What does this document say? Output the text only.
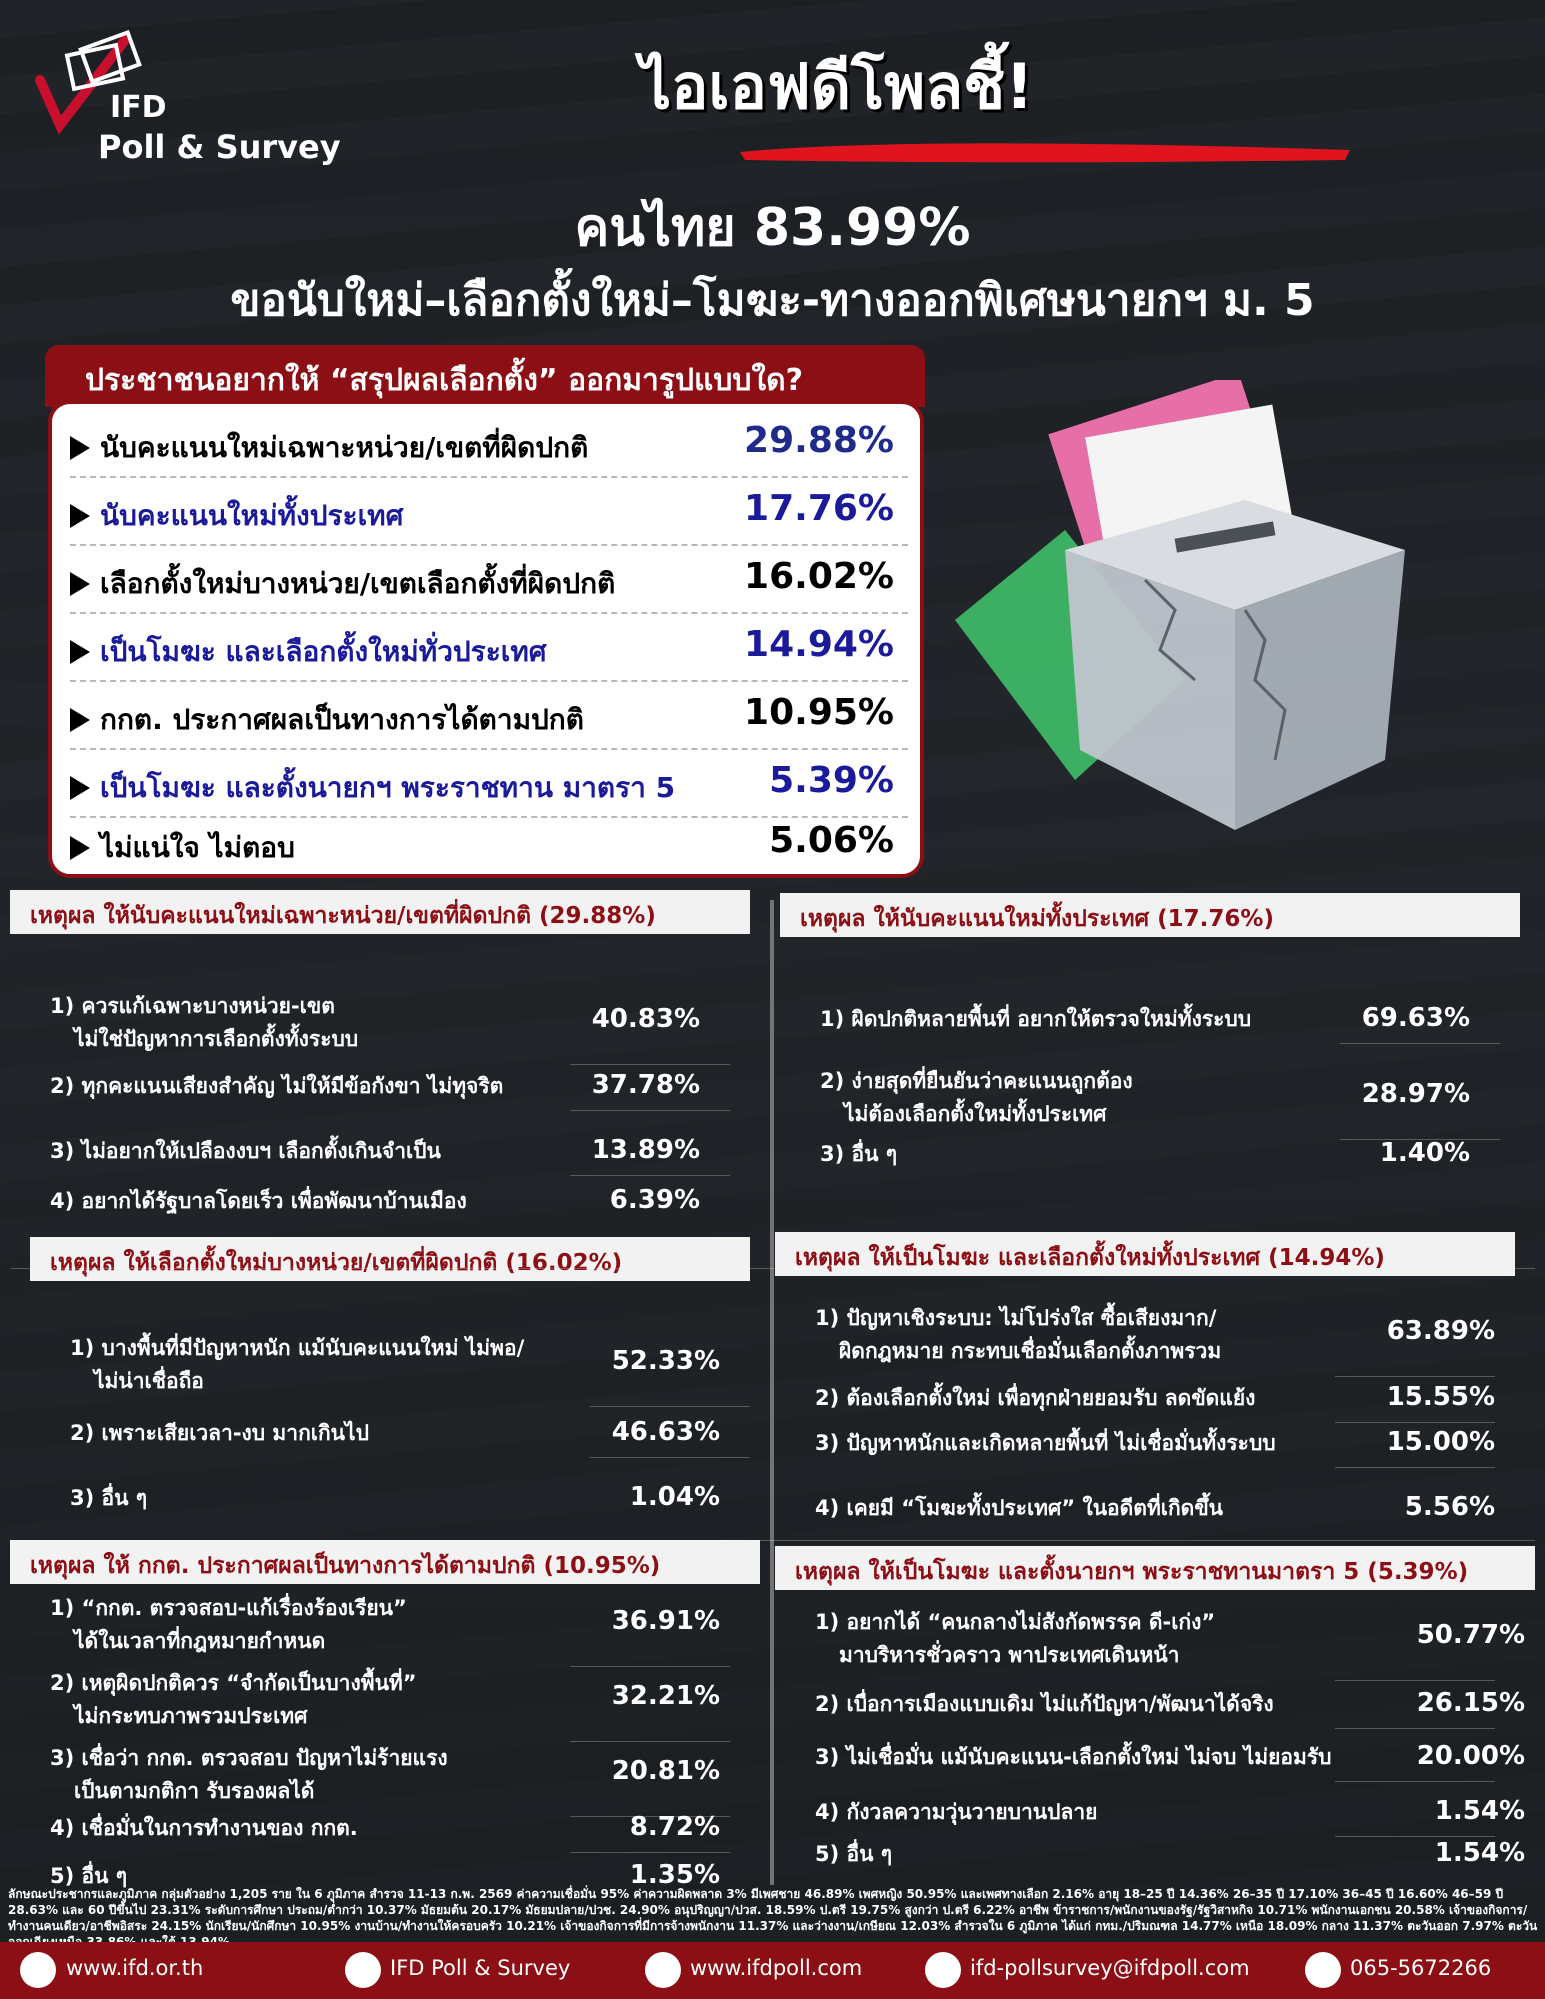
IFD
Poll & Survey
ไอเอฟดีโพลชี้!
คนไทย 83.99%
ขอนับใหม่–เลือกตั้งใหม่–โมฆะ-ทางออกพิเศษนายกฯ ม. 5
ประชาชนอยากให้ “สรุปผลเลือกตั้ง” ออกมารูปแบบใด?
นับคะแนนใหม่เฉพาะหน่วย/เขตที่ผิดปกติ	29.88%
นับคะแนนใหม่ทั้งประเทศ	17.76%
เลือกตั้งใหม่บางหน่วย/เขตเลือกตั้งที่ผิดปกติ	16.02%
เป็นโมฆะ และเลือกตั้งใหม่ทั่วประเทศ	14.94%
กกต. ประกาศผลเป็นทางการได้ตามปกติ	10.95%
เป็นโมฆะ และตั้งนายกฯ พระราชทาน มาตรา 5	5.39%
ไม่แน่ใจ ไม่ตอบ	5.06%
เหตุผล ให้นับคะแนนใหม่เฉพาะหน่วย/เขตที่ผิดปกติ (29.88%)
1) ควรแก้เฉพาะบางหน่วย-เขต
ไม่ใช่ปัญหาการเลือกตั้งทั้งระบบ
40.83%
2) ทุกคะแนนเสียงสำคัญ ไม่ให้มีข้อกังขา ไม่ทุจริต	37.78%
3) ไม่อยากให้เปลืองงบฯ เลือกตั้งเกินจำเป็น	13.89%
4) อยากได้รัฐบาลโดยเร็ว เพื่อพัฒนาบ้านเมือง	6.39%
เหตุผล ให้นับคะแนนใหม่ทั้งประเทศ (17.76%)
1) ผิดปกติหลายพื้นที่ อยากให้ตรวจใหม่ทั้งระบบ	69.63%
2) ง่ายสุดที่ยืนยันว่าคะแนนถูกต้อง
ไม่ต้องเลือกตั้งใหม่ทั้งประเทศ
28.97%
3) อื่น ๆ	1.40%
เหตุผล ให้เลือกตั้งใหม่บางหน่วย/เขตที่ผิดปกติ (16.02%)
1) บางพื้นที่มีปัญหาหนัก แม้นับคะแนนใหม่ ไม่พอ/
ไม่น่าเชื่อถือ
52.33%
2) เพราะเสียเวลา-งบ มากเกินไป	46.63%
3) อื่น ๆ	1.04%
เหตุผล ให้เป็นโมฆะ และเลือกตั้งใหม่ทั้งประเทศ (14.94%)
1) ปัญหาเชิงระบบ: ไม่โปร่งใส ซื้อเสียงมาก/
ผิดกฎหมาย กระทบเชื่อมั่นเลือกตั้งภาพรวม
63.89%
2) ต้องเลือกตั้งใหม่ เพื่อทุกฝ่ายยอมรับ ลดขัดแย้ง	15.55%
3) ปัญหาหนักและเกิดหลายพื้นที่ ไม่เชื่อมั่นทั้งระบบ	15.00%
4) เคยมี “โมฆะทั้งประเทศ” ในอดีตที่เกิดขึ้น	5.56%
เหตุผล ให้ กกต. ประกาศผลเป็นทางการได้ตามปกติ (10.95%)
1) “กกต. ตรวจสอบ-แก้เรื่องร้องเรียน”
ได้ในเวลาที่กฎหมายกำหนด
36.91%
2) เหตุผิดปกติควร “จำกัดเป็นบางพื้นที่”
ไม่กระทบภาพรวมประเทศ
32.21%
3) เชื่อว่า กกต. ตรวจสอบ ปัญหาไม่ร้ายแรง
เป็นตามกติกา รับรองผลได้
20.81%
4) เชื่อมั่นในการทำงานของ กกต.	8.72%
5) อื่น ๆ	1.35%
เหตุผล ให้เป็นโมฆะ และตั้งนายกฯ พระราชทานมาตรา 5 (5.39%)
1) อยากได้ “คนกลางไม่สังกัดพรรค ดี-เก่ง”
มาบริหารชั่วคราว พาประเทศเดินหน้า
50.77%
2) เบื่อการเมืองแบบเดิม ไม่แก้ปัญหา/พัฒนาได้จริง	26.15%
3) ไม่เชื่อมั่น แม้นับคะแนน-เลือกตั้งใหม่ ไม่จบ ไม่ยอมรับ	20.00%
4) กังวลความวุ่นวายบานปลาย	1.54%
5) อื่น ๆ	1.54%
ลักษณะประชากรและภูมิภาค กลุ่มตัวอย่าง 1,205 ราย ใน 6 ภูมิภาค สำรวจ 11-13 ก.พ. 2569 ค่าความเชื่อมั่น 95% ค่าความผิดพลาด 3% มีเพศชาย 46.89% เพศหญิง 50.95% และเพศทางเลือก 2.16% อายุ 18–25 ปี 14.36% 26–35 ปี 17.10% 36–45 ปี 16.60% 46–59 ปี 28.63% และ 60 ปีขึ้นไป 23.31% ระดับการศึกษา ประถม/ต่ำกว่า 10.37% มัธยมต้น 20.17% มัธยมปลาย/ปวช. 24.90% อนุปริญญา/ปวส. 18.59% ป.ตรี 19.75% สูงกว่า ป.ตรี 6.22% อาชีพ ข้าราชการ/พนักงานของรัฐ/รัฐวิสาหกิจ 10.71% พนักงานเอกชน 20.58% เจ้าของกิจการ/ทำงานคนเดียว/อาชีพอิสระ 24.15% นักเรียน/นักศึกษา 10.95% งานบ้าน/ทำงานให้ครอบครัว 10.21% เจ้าของกิจการที่มีการจ้างพนักงาน 11.37% และว่างงาน/เกษียณ 12.03% สำรวจใน 6 ภูมิภาค ได้แก่ กทม./ปริมณฑล 14.77% เหนือ 18.09% กลาง 11.37% ตะวันออก 7.97% ตะวัน
www.ifd.or.th	IFD Poll & Survey	www.ifdpoll.com	ifd-pollsurvey@ifdpoll.com	065-5672266
